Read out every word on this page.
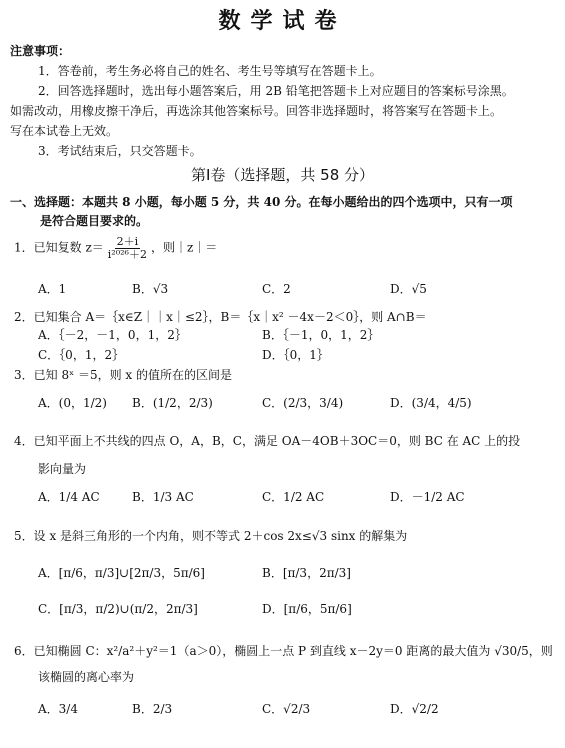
数学试卷
注意事项：
1．答卷前，考生务必将自己的姓名、考生号等填写在答题卡上。
2．回答选择题时，选出每小题答案后，用 2B 铅笔把答题卡上对应题目的答案标号涂黑。
如需改动，用橡皮擦干净后，再选涂其他答案标号。回答非选择题时，将答案写在答题卡上。
写在本试卷上无效。
3．考试结束后，只交答题卡。
第Ⅰ卷（选择题，共 58 分）
一、选择题：本题共 8 小题，每小题 5 分，共 40 分。在每小题给出的四个选项中，只有一项
是符合题目要求的。
1．已知复数 $z= \frac{2+i}{\text{i²⁰²⁶＋2}}$ ，则｜z｜＝
A．1	B．√3	C．2	D．√5
2．已知集合 A＝｛x∈Z｜｜x｜≤2｝，B＝｛x｜x² －4x－2＜0｝，则 A∩B＝
A．｛－2，－1，0，1，2｝	B．｛－1，0，1，2｝
C．｛0，1，2｝	D．｛0，1｝
3．已知 8ˣ ＝5，则 x 的值所在的区间是
A．(0，1/2) B．(1/2，2/3)	C．(2/3，3/4)	D．(3/4，4/5)
4．已知平面上不共线的四点 O，A，B，C，满足 OA－4OB＋3OC＝0，则 BC 在 AC 上的投
影向量为
A．1/4 AC	B．1/3 AC	C．1/2 AC	D．－1/2 AC
5．设 x 是斜三角形的一个内角，则不等式 2＋cos 2x≤√3 sinx 的解集为
A．[π/6，π/3]∪[2π/3，5π/6]	B．[π/3，2π/3]
C．[π/3，π/2)∪(π/2，2π/3]	D．[π/6，5π/6]
6．已知椭圆 C：x²/a²＋y²＝1（a＞0），椭圆上一点 P 到直线 x－2y＝0 距离的最大值为 √30/5，则
该椭圆的离心率为
A．3/4	B．2/3	C．√2/3	D．√2/2
